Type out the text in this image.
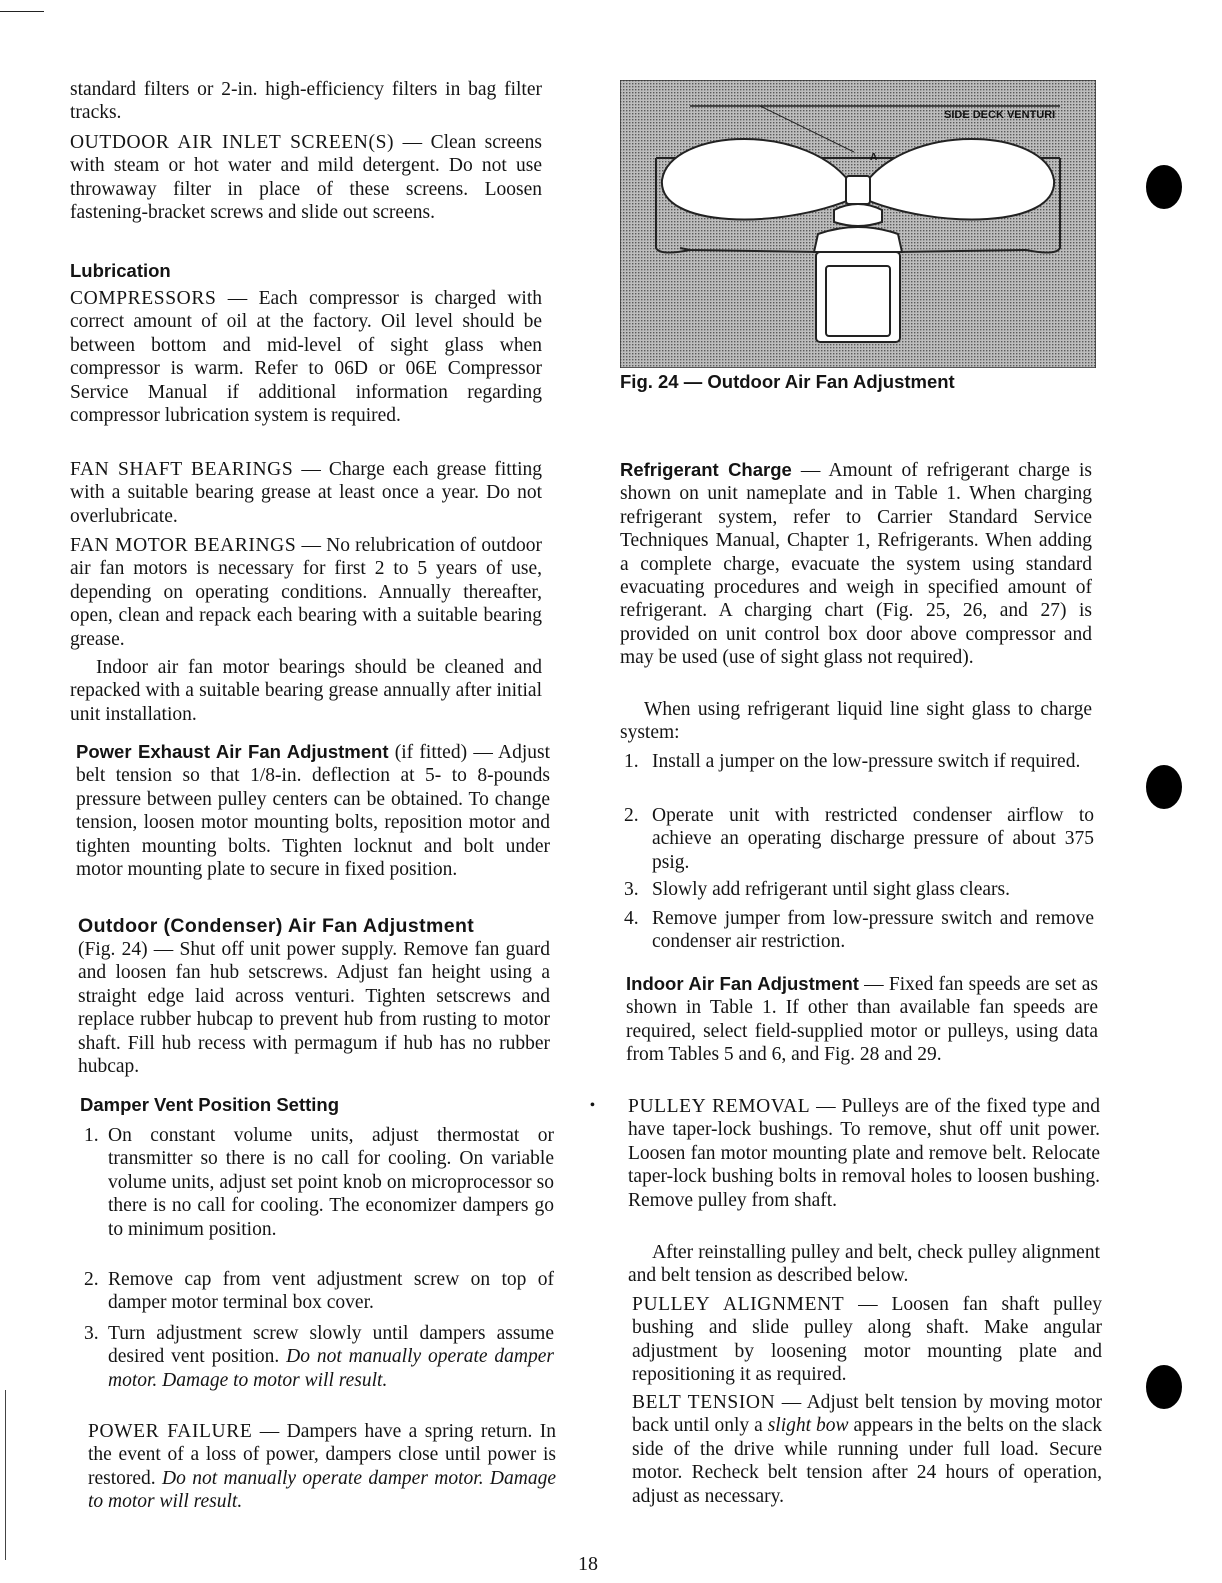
standard filters or 2-in. high-efficiency filters in bag filter tracks.

OUTDOOR AIR INLET SCREEN(S) — Clean screens with steam or hot water and mild detergent. Do not use throwaway filter in place of these screens. Loosen fastening-bracket screws and slide out screens.

Lubrication

COMPRESSORS — Each compressor is charged with correct amount of oil at the factory. Oil level should be between bottom and mid-level of sight glass when compressor is warm. Refer to 06D or 06E Compressor Service Manual if additional information regarding compressor lubrication system is required.

FAN SHAFT BEARINGS — Charge each grease fitting with a suitable bearing grease at least once a year. Do not overlubricate.

FAN MOTOR BEARINGS — No relubrication of outdoor air fan motors is necessary for first 2 to 5 years of use, depending on operating conditions. Annually thereafter, open, clean and repack each bearing with a suitable bearing grease.

Indoor air fan motor bearings should be cleaned and repacked with a suitable bearing grease annually after initial unit installation.

Power Exhaust Air Fan Adjustment (if fitted) — Adjust belt tension so that 1/8-in. deflection at 5- to 8-pounds pressure between pulley centers can be obtained. To change tension, loosen motor mounting bolts, reposition motor and tighten mounting bolts. Tighten locknut and bolt under motor mounting plate to secure in fixed position.

Outdoor (Condenser) Air Fan Adjustment

(Fig. 24) — Shut off unit power supply. Remove fan guard and loosen fan hub setscrews. Adjust fan height using a straight edge laid across venturi. Tighten setscrews and replace rubber hubcap to prevent hub from rusting to motor shaft. Fill hub recess with permagum if hub has no rubber hubcap.

Damper Vent Position Setting
1. On constant volume units, adjust thermostat or transmitter so there is no call for cooling. On variable volume units, adjust set point knob on microprocessor so there is no call for cooling. The economizer dampers go to minimum position.
2. Remove cap from vent adjustment screw on top of damper motor terminal box cover.
3. Turn adjustment screw slowly until dampers assume desired vent position. Do not manually operate damper motor. Damage to motor will result.

POWER FAILURE — Dampers have a spring return. In the event of a loss of power, dampers close until power is restored. Do not manually operate damper motor. Damage to motor will result.

SIDE DECK VENTURI
A

Fig. 24 — Outdoor Air Fan Adjustment

Refrigerant Charge — Amount of refrigerant charge is shown on unit nameplate and in Table 1. When charging refrigerant system, refer to Carrier Standard Service Techniques Manual, Chapter 1, Refrigerants. When adding a complete charge, evacuate the system using standard evacuating procedures and weigh in specified amount of refrigerant. A charging chart (Fig. 25, 26, and 27) is provided on unit control box door above compressor and may be used (use of sight glass not required).

When using refrigerant liquid line sight glass to charge system:

1. Install a jumper on the low-pressure switch if required.
2. Operate unit with restricted condenser airflow to achieve an operating discharge pressure of about 375 psig.
3. Slowly add refrigerant until sight glass clears.
4. Remove jumper from low-pressure switch and remove condenser air restriction.

Indoor Air Fan Adjustment — Fixed fan speeds are set as shown in Table 1. If other than available fan speeds are required, select field-supplied motor or pulleys, using data from Tables 5 and 6, and Fig. 28 and 29.

• PULLEY REMOVAL — Pulleys are of the fixed type and have taper-lock bushings. To remove, shut off unit power. Loosen fan motor mounting plate and remove belt. Relocate taper-lock bushing bolts in removal holes to loosen bushing. Remove pulley from shaft.

After reinstalling pulley and belt, check pulley alignment and belt tension as described below.

PULLEY ALIGNMENT — Loosen fan shaft pulley bushing and slide pulley along shaft. Make angular adjustment by loosening motor mounting plate and repositioning it as required.

BELT TENSION — Adjust belt tension by moving motor back until only a slight bow appears in the belts on the slack side of the drive while running under full load. Secure motor. Recheck belt tension after 24 hours of operation, adjust as necessary.

18
